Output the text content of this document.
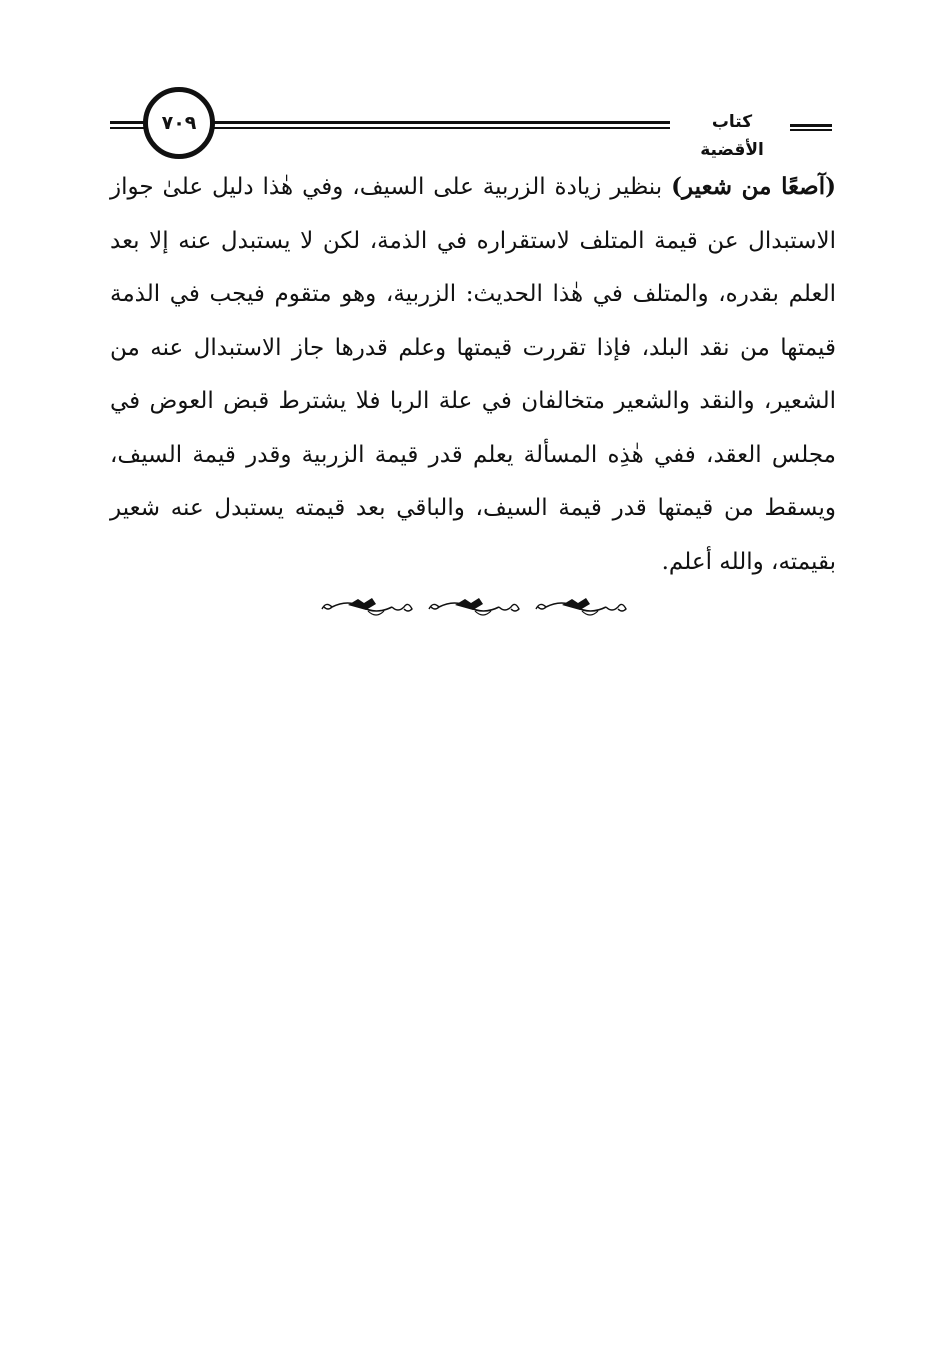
كتاب الأقضية
٧٠٩

(آصعًا من شعير) بنظير زيادة الزربية على السيف، وفي هٰذا دليل علىٰ جواز الاستبدال عن قيمة المتلف لاستقراره في الذمة، لكن لا يستبدل عنه إلا بعد العلم بقدره، والمتلف في هٰذا الحديث: الزربية، وهو متقوم فيجب في الذمة قيمتها من نقد البلد، فإذا تقررت قيمتها وعلم قدرها جاز الاستبدال عنه من الشعير، والنقد والشعير متخالفان في علة الربا فلا يشترط قبض العوض في مجلس العقد، ففي هٰذِه المسألة يعلم قدر قيمة الزربية وقدر قيمة السيف، ويسقط من قيمتها قدر قيمة السيف، والباقي بعد قيمته يستبدل عنه شعير بقيمته، والله أعلم.
